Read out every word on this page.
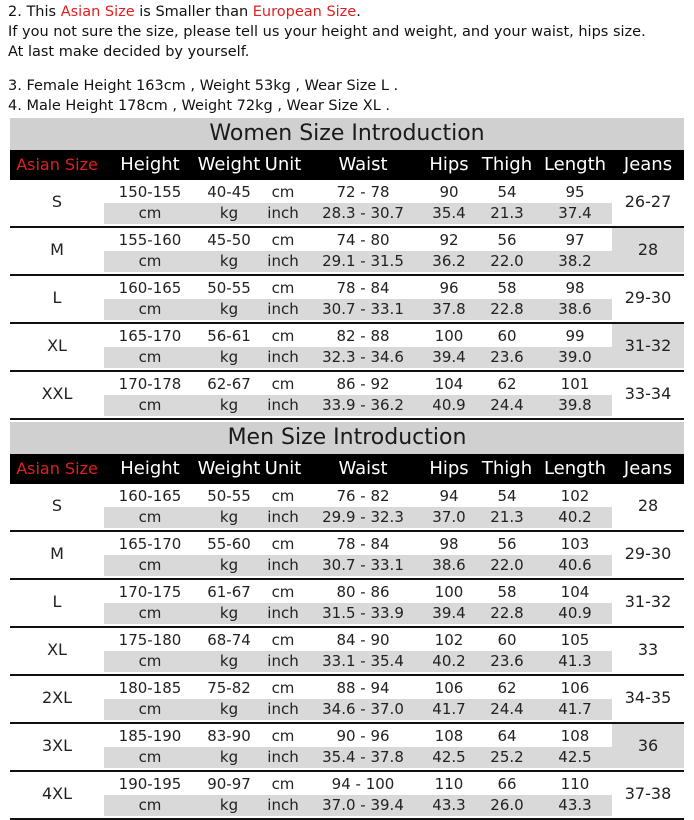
2. This Asian Size is Smaller than European Size.

If you not sure the size, please tell us your height and weight, and your waist, hips size.

At last make decided by yourself.

3. Female Height 163cm , Weight 53kg , Wear Size L .

4. Male Height 178cm , Weight 72kg , Wear Size XL .

Women Size Introduction
Asian Size	Height Weight Unit	Waist	Hips Thigh Length Jeans
S	150-155	40-45	cm	72 - 78	90	54	95
cm	kg	inch	28.3 - 30.7	35.4	21.3	37.4
26-27
M	155-160	45-50	cm	74 - 80	92	56	97
cm	kg	inch	29.1 - 31.5	36.2	22.0	38.2
28
L	160-165	50-55	cm	78 - 84	96	58	98
cm	kg	inch	30.7 - 33.1	37.8	22.8	38.6
29-30
XL	165-170	56-61	cm	82 - 88	100	60	99
cm	kg	inch	32.3 - 34.6	39.4	23.6	39.0
31-32
XXL	170-178	62-67	cm	86 - 92	104	62	101
cm	kg	inch	33.9 - 36.2	40.9	24.4	39.8
33-34
Men Size Introduction
Asian Size	Height Weight Unit	Waist	Hips Thigh Length Jeans
S	160-165	50-55	cm	76 - 82	94	54	102
cm	kg	inch	29.9 - 32.3	37.0	21.3	40.2
28
M	165-170	55-60	cm	78 - 84	98	56	103
cm	kg	inch	30.7 - 33.1	38.6	22.0	40.6
29-30
L	170-175	61-67	cm	80 - 86	100	58	104
cm	kg	inch	31.5 - 33.9	39.4	22.8	40.9
31-32
XL	175-180	68-74	cm	84 - 90	102	60	105
cm	kg	inch	33.1 - 35.4	40.2	23.6	41.3
33
2XL	180-185	75-82	cm	88 - 94	106	62	106
cm	kg	inch	34.6 - 37.0	41.7	24.4	41.7
34-35
3XL	185-190	83-90	cm	90 - 96	108	64	108
cm	kg	inch	35.4 - 37.8	42.5	25.2	42.5
36
4XL	190-195	90-97	cm	94 - 100	110	66	110
cm	kg	inch	37.0 - 39.4	43.3	26.0	43.3
37-38
